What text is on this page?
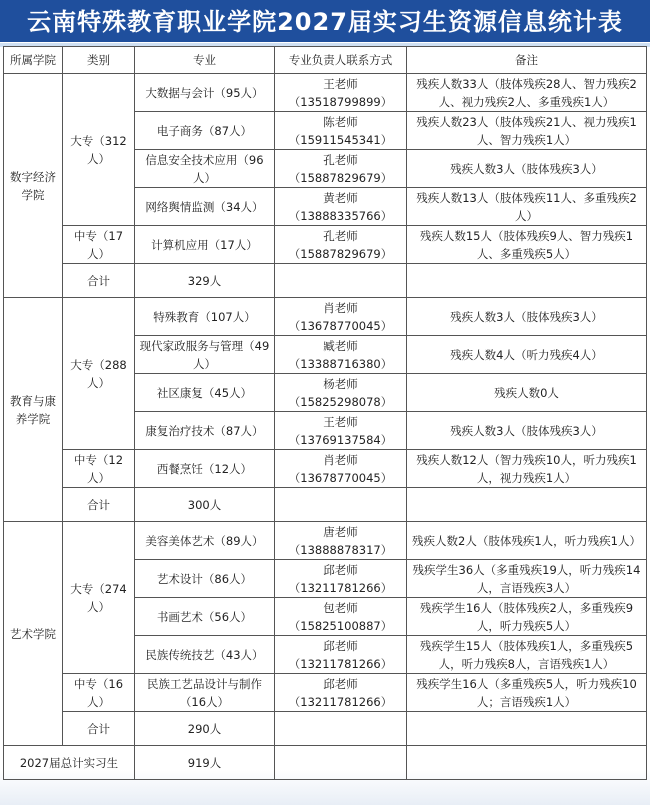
云南特殊教育职业学院2027届实习生资源信息统计表
所属学院	类别	专业	专业负责人联系方式	备注
数字经济学院	大专（312人）	大数据与会计（95人）	王老师（13518799899）	残疾人数33人（肢体残疾28人、智力残疾2人、视力残疾2人、多重残疾1人）
		电子商务（87人）	陈老师（15911545341）	残疾人数23人（肢体残疾21人、视力残疾1人、智力残疾1人）
		信息安全技术应用（96人）	孔老师（15887829679）	残疾人数3人（肢体残疾3人）
		网络舆情监测（34人）	黄老师（13888335766）	残疾人数13人（肢体残疾11人、多重残疾2人）
	中专（17人）	计算机应用（17人）	孔老师（15887829679）	残疾人数15人（肢体残疾9人、智力残疾1人、多重残疾5人）
	合计	329人		
教育与康养学院	大专（288人）	特殊教育（107人）	肖老师（13678770045）	残疾人数3人（肢体残疾3人）
		现代家政服务与管理（49人）	臧老师（13388716380）	残疾人数4人（听力残疾4人）
		社区康复（45人）	杨老师（15825298078）	残疾人数0人
		康复治疗技术（87人）	王老师（13769137584）	残疾人数3人（肢体残疾3人）
	中专（12人）	西餐烹饪（12人）	肖老师（13678770045）	残疾人数12人（智力残疾10人，听力残疾1人，视力残疾1人）
	合计	300人		
艺术学院	大专（274人）	美容美体艺术（89人）	唐老师（13888878317）	残疾人数2人（肢体残疾1人，听力残疾1人）
		艺术设计（86人）	邱老师（13211781266）	残疾学生36人（多重残疾19人，听力残疾14人，言语残疾3人）
		书画艺术（56人）	包老师（15825100887）	残疾学生16人（肢体残疾2人，多重残疾9人，听力残疾5人）
		民族传统技艺（43人）	邱老师（13211781266）	残疾学生15人（肢体残疾1人，多重残疾5人，听力残疾8人，言语残疾1人）
	中专（16人）	民族工艺品设计与制作（16人）	邱老师（13211781266）	残疾学生16人（多重残疾5人，听力残疾10人；言语残疾1人）
	合计	290人		
2027届总计实习生		919人		
